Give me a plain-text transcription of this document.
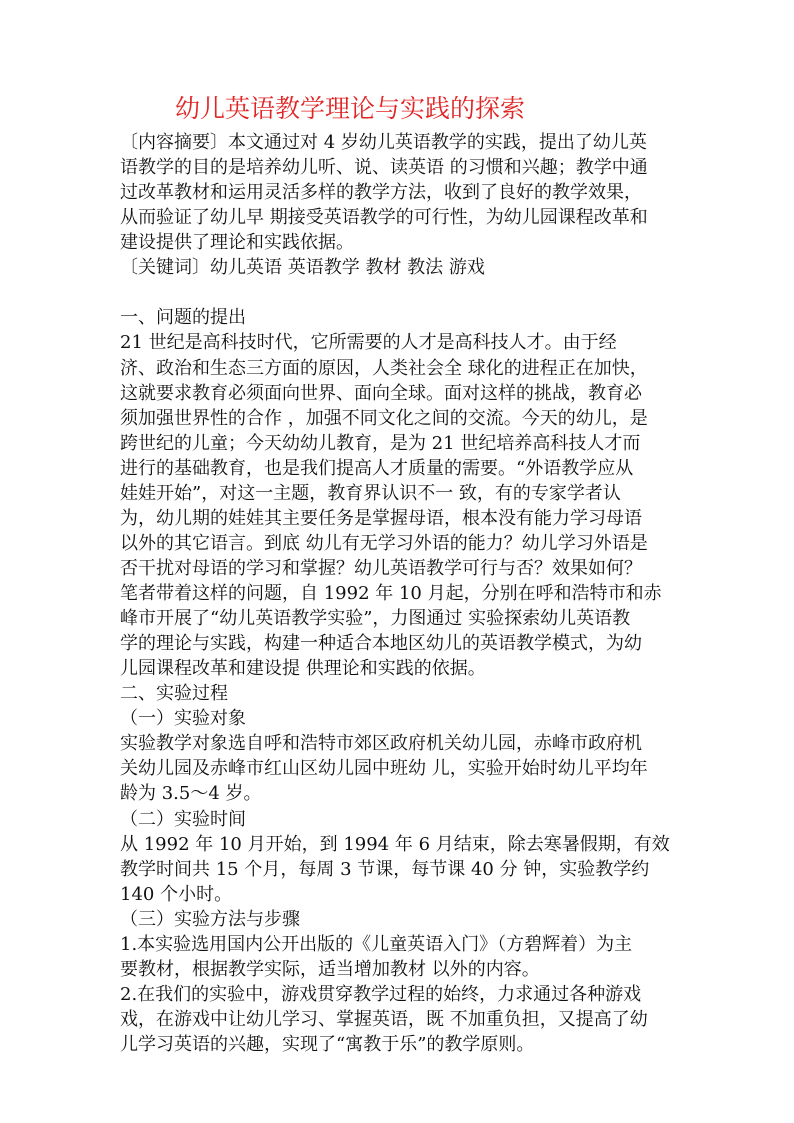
幼儿英语教学理论与实践的探索
〔内容摘要〕本文通过对 4 岁幼儿英语教学的实践，提出了幼儿英
语教学的目的是培养幼儿听、说、读英语 的习惯和兴趣；教学中通
过改革教材和运用灵活多样的教学方法，收到了良好的教学效果，
从而验证了幼儿早 期接受英语教学的可行性，为幼儿园课程改革和
建设提供了理论和实践依据。
〔关键词〕幼儿英语 英语教学 教材 教法 游戏
一、问题的提出
21 世纪是高科技时代，它所需要的人才是高科技人才。由于经
济、政治和生态三方面的原因，人类社会全 球化的进程正在加快，
这就要求教育必须面向世界、面向全球。面对这样的挑战，教育必
须加强世界性的合作 ，加强不同文化之间的交流。今天的幼儿，是
跨世纪的儿童；今天幼幼儿教育，是为 21 世纪培养高科技人才而
进行的基础教育，也是我们提高人才质量的需要。“外语教学应从
娃娃开始”，对这一主题，教育界认识不一 致，有的专家学者认
为，幼儿期的娃娃其主要任务是掌握母语，根本没有能力学习母语
以外的其它语言。到底 幼儿有无学习外语的能力？幼儿学习外语是
否干扰对母语的学习和掌握？幼儿英语教学可行与否？效果如何？
笔者带着这样的问题，自 1992 年 10 月起，分别在呼和浩特市和赤
峰市开展了“幼儿英语教学实验”，力图通过 实验探索幼儿英语教
学的理论与实践，构建一种适合本地区幼儿的英语教学模式，为幼
儿园课程改革和建设提 供理论和实践的依据。
二、实验过程
（一）实验对象
实验教学对象选自呼和浩特市郊区政府机关幼儿园，赤峰市政府机
关幼儿园及赤峰市红山区幼儿园中班幼 儿，实验开始时幼儿平均年
龄为 3.5～4 岁。
（二）实验时间
从 1992 年 10 月开始，到 1994 年 6 月结束，除去寒暑假期，有效
教学时间共 15 个月，每周 3 节课，每节课 40 分 钟，实验教学约
140 个小时。
（三）实验方法与步骤
1.本实验选用国内公开出版的《儿童英语入门》（方碧辉着）为主
要教材，根据教学实际，适当增加教材 以外的内容。
2.在我们的实验中，游戏贯穿教学过程的始终，力求通过各种游戏
戏，在游戏中让幼儿学习、掌握英语，既 不加重负担，又提高了幼
儿学习英语的兴趣，实现了“寓教于乐”的教学原则。
